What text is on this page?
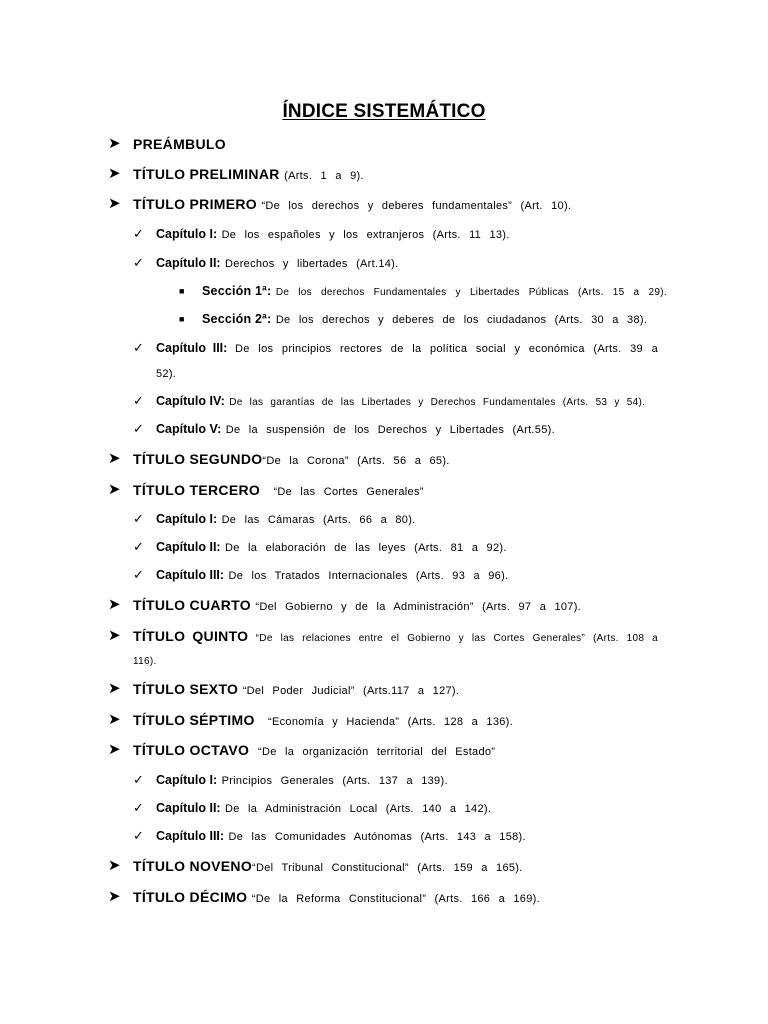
ÍNDICE SISTEMÁTICO
➤ PREÁMBULO
➤ TÍTULO PRELIMINAR (Arts. 1 a 9).
➤ TÍTULO PRIMERO “De los derechos y deberes fundamentales” (Art. 10).
✓ Capítulo I: De los españoles y los extranjeros (Arts. 11 13).
✓ Capítulo II: Derechos y libertades (Art.14).
■ Sección 1ª: De los derechos Fundamentales y Libertades Públicas (Arts. 15 a 29).
■ Sección 2ª: De los derechos y deberes de los ciudadanos (Arts. 30 a 38).
✓ Capítulo III: De los principios rectores de la política social y económica (Arts. 39 a
52).
✓ Capítulo IV: De las garantías de las Libertades y Derechos Fundamentales (Arts. 53 y 54).
✓ Capítulo V: De la suspensión de los Derechos y Libertades (Art.55).
➤ TÍTULO SEGUNDO“De la Corona” (Arts. 56 a 65).
➤ TÍTULO TERCERO “De las Cortes Generales”
✓ Capítulo I: De las Cámaras (Arts. 66 a 80).
✓ Capítulo II: De la elaboración de las leyes (Arts. 81 a 92).
✓ Capítulo III: De los Tratados Internacionales (Arts. 93 a 96).
➤ TÍTULO CUARTO “Del Gobierno y de la Administración” (Arts. 97 a 107).
➤ TÍTULO QUINTO “De las relaciones entre el Gobierno y las Cortes Generales” (Arts. 108 a
116).
➤ TÍTULO SEXTO “Del Poder Judicial” (Arts.117 a 127).
➤ TÍTULO SÉPTIMO “Economía y Hacienda” (Arts. 128 a 136).
➤ TÍTULO OCTAVO “De la organización territorial del Estado”
✓ Capítulo I: Principios Generales (Arts. 137 a 139).
✓ Capítulo II: De la Administración Local (Arts. 140 a 142).
✓ Capítulo III: De las Comunidades Autónomas (Arts. 143 a 158).
➤ TÍTULO NOVENO“Del Tribunal Constitucional” (Arts. 159 a 165).
➤ TÍTULO DÉCIMO “De la Reforma Constitucional” (Arts. 166 a 169).
